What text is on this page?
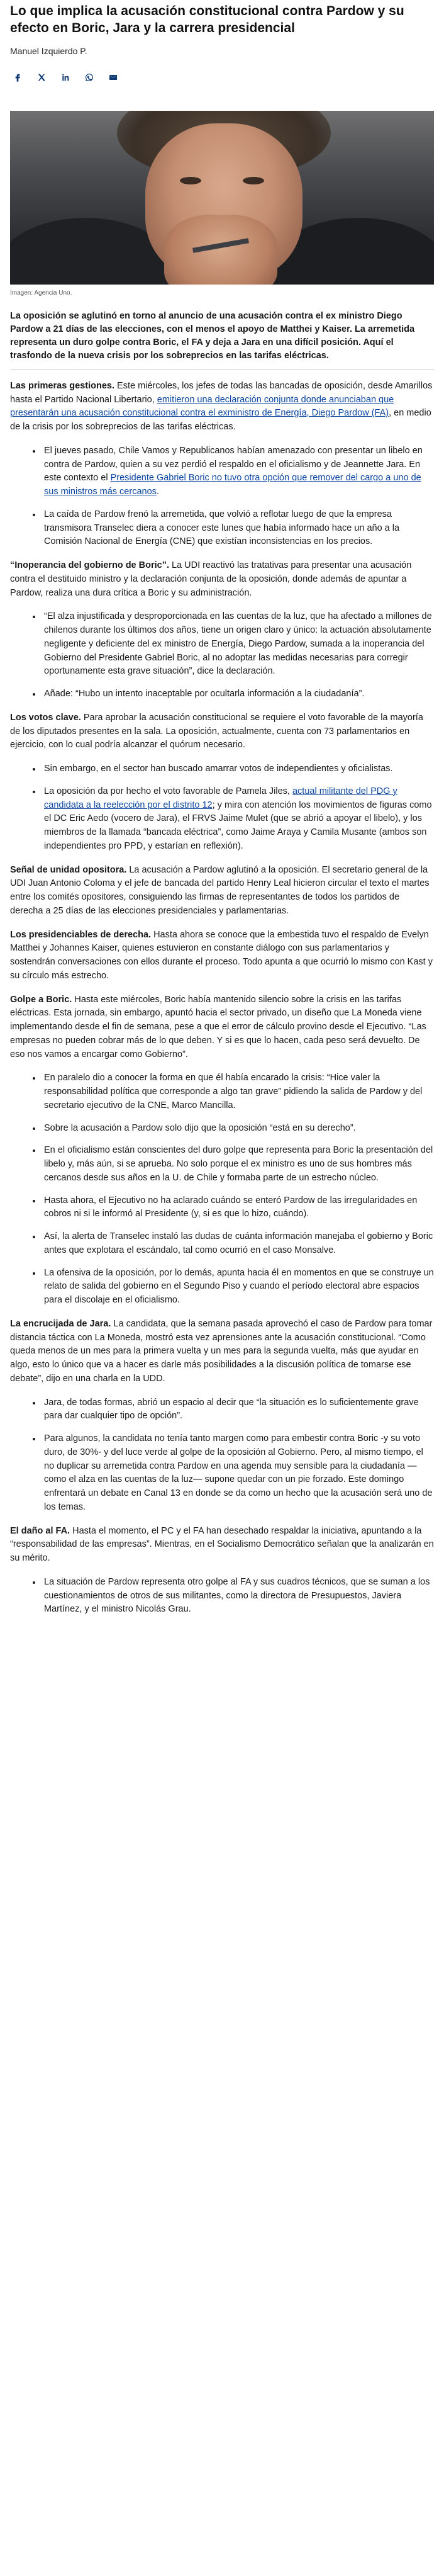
Lo que implica la acusación constitucional contra Pardow y su efecto en Boric, Jara y la carrera presidencial
Manuel Izquierdo P.
Imagen: Agencia Uno.

La oposición se aglutinó en torno al anuncio de una acusación contra el ex ministro Diego Pardow a 21 días de las elecciones, con el menos el apoyo de Matthei y Kaiser. La arremetida representa un duro golpe contra Boric, el FA y deja a Jara en una difícil posición. Aquí el trasfondo de la nueva crisis por los sobreprecios en las tarifas eléctricas.

Las primeras gestiones. Este miércoles, los jefes de todas las bancadas de oposición, desde Amarillos hasta el Partido Nacional Libertario, emitieron una declaración conjunta donde anunciaban que presentarán una acusación constitucional contra el exministro de Energía, Diego Pardow (FA), en medio de la crisis por los sobreprecios de las tarifas eléctricas.

El jueves pasado, Chile Vamos y Republicanos habían amenazado con presentar un libelo en contra de Pardow, quien a su vez perdió el respaldo en el oficialismo y de Jeannette Jara. En este contexto el Presidente Gabriel Boric no tuvo otra opción que remover del cargo a uno de sus ministros más cercanos.
La caída de Pardow frenó la arremetida, que volvió a reflotar luego de que la empresa transmisora Transelec diera a conocer este lunes que había informado hace un año a la Comisión Nacional de Energía (CNE) que existían inconsistencias en los precios.

“Inoperancia del gobierno de Boric”. La UDI reactivó las tratativas para presentar una acusación contra el destituido ministro y la declaración conjunta de la oposición, donde además de apuntar a Pardow, realiza una dura crítica a Boric y su administración.

“El alza injustificada y desproporcionada en las cuentas de la luz, que ha afectado a millones de chilenos durante los últimos dos años, tiene un origen claro y único: la actuación absolutamente negligente y deficiente del ex ministro de Energía, Diego Pardow, sumada a la inoperancia del Gobierno del Presidente Gabriel Boric, al no adoptar las medidas necesarias para corregir oportunamente esta grave situación”, dice la declaración.
Añade: “Hubo un intento inaceptable por ocultarla información a la ciudadanía”.

Los votos clave. Para aprobar la acusación constitucional se requiere el voto favorable de la mayoría de los diputados presentes en la sala. La oposición, actualmente, cuenta con 73 parlamentarios en ejercicio, con lo cual podría alcanzar el quórum necesario.

Sin embargo, en el sector han buscado amarrar votos de independientes y oficialistas.
La oposición da por hecho el voto favorable de Pamela Jiles, actual militante del PDG y candidata a la reelección por el distrito 12; y mira con atención los movimientos de figuras como el DC Eric Aedo (vocero de Jara), el FRVS Jaime Mulet (que se abrió a apoyar el libelo), y los miembros de la llamada “bancada eléctrica”, como Jaime Araya y Camila Musante (ambos son independientes pro PPD, y estarían en reflexión).

Señal de unidad opositora. La acusación a Pardow aglutinó a la oposición. El secretario general de la UDI Juan Antonio Coloma y el jefe de bancada del partido Henry Leal hicieron circular el texto el martes entre los comités opositores, consiguiendo las firmas de representantes de todos los partidos de derecha a 25 días de las elecciones presidenciales y parlamentarias.

Los presidenciables de derecha. Hasta ahora se conoce que la embestida tuvo el respaldo de Evelyn Matthei y Johannes Kaiser, quienes estuvieron en constante diálogo con sus parlamentarios y sostendrán conversaciones con ellos durante el proceso. Todo apunta a que ocurrió lo mismo con Kast y su círculo más estrecho.

Golpe a Boric. Hasta este miércoles, Boric había mantenido silencio sobre la crisis en las tarifas eléctricas. Esta jornada, sin embargo, apuntó hacia el sector privado, un diseño que La Moneda viene implementando desde el fin de semana, pese a que el error de cálculo provino desde el Ejecutivo. “Las empresas no pueden cobrar más de lo que deben. Y si es que lo hacen, cada peso será devuelto. De eso nos vamos a encargar como Gobierno”.

En paralelo dio a conocer la forma en que él había encarado la crisis: “Hice valer la responsabilidad política que corresponde a algo tan grave” pidiendo la salida de Pardow y del secretario ejecutivo de la CNE, Marco Mancilla.
Sobre la acusación a Pardow solo dijo que la oposición “está en su derecho”.
En el oficialismo están conscientes del duro golpe que representa para Boric la presentación del libelo y, más aún, si se aprueba. No solo porque el ex ministro es uno de sus hombres más cercanos desde sus años en la U. de Chile y formaba parte de un estrecho núcleo.
Hasta ahora, el Ejecutivo no ha aclarado cuándo se enteró Pardow de las irregularidades en cobros ni si le informó al Presidente (y, si es que lo hizo, cuándo).
Así, la alerta de Transelec instaló las dudas de cuánta información manejaba el gobierno y Boric antes que explotara el escándalo, tal como ocurrió en el caso Monsalve.
La ofensiva de la oposición, por lo demás, apunta hacia él en momentos en que se construye un relato de salida del gobierno en el Segundo Piso y cuando el período electoral abre espacios para el discolaje en el oficialismo.

La encrucijada de Jara. La candidata, que la semana pasada aprovechó el caso de Pardow para tomar distancia táctica con La Moneda, mostró esta vez aprensiones ante la acusación constitucional. “Como queda menos de un mes para la primera vuelta y un mes para la segunda vuelta, más que ayudar en algo, esto lo único que va a hacer es darle más posibilidades a la discusión política de tomarse ese debate”, dijo en una charla en la UDD.

Jara, de todas formas, abrió un espacio al decir que “la situación es lo suficientemente grave para dar cualquier tipo de opción”.
Para algunos, la candidata no tenía tanto margen como para embestir contra Boric -y su voto duro, de 30%- y del luce verde al golpe de la oposición al Gobierno. Pero, al mismo tiempo, el no duplicar su arremetida contra Pardow en una agenda muy sensible para la ciudadanía —como el alza en las cuentas de la luz— supone quedar con un pie forzado. Este domingo enfrentará un debate en Canal 13 en donde se da como un hecho que la acusación será uno de los temas.

El daño al FA. Hasta el momento, el PC y el FA han desechado respaldar la iniciativa, apuntando a la “responsabilidad de las empresas”. Mientras, en el Socialismo Democrático señalan que la analizarán en su mérito.

La situación de Pardow representa otro golpe al FA y sus cuadros técnicos, que se suman a los cuestionamientos de otros de sus militantes, como la directora de Presupuestos, Javiera Martínez, y el ministro Nicolás Grau.
